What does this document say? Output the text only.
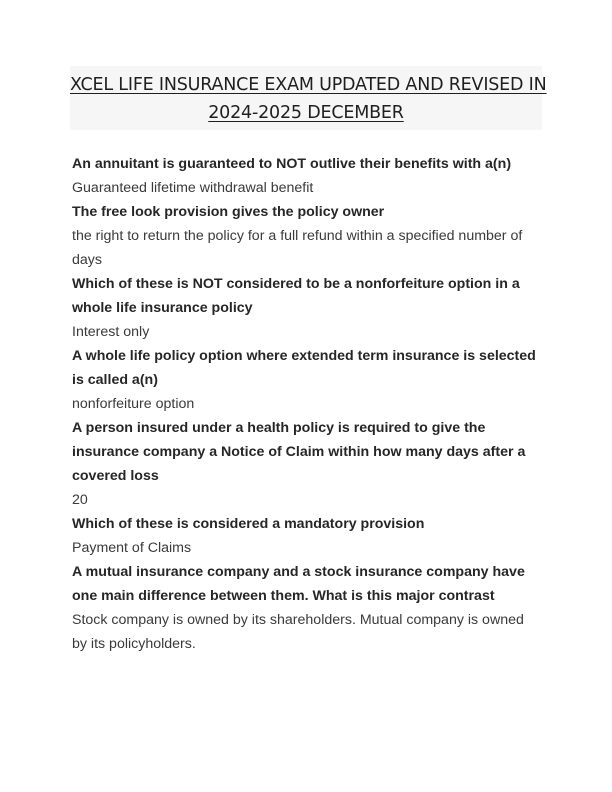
XCEL LIFE INSURANCE EXAM UPDATED AND REVISED IN
2024-2025 DECEMBER

An annuitant is guaranteed to NOT outlive their benefits with a(n)

Guaranteed lifetime withdrawal benefit

The free look provision gives the policy owner

the right to return the policy for a full refund within a specified number of days

Which of these is NOT considered to be a nonforfeiture option in a whole life insurance policy

Interest only

A whole life policy option where extended term insurance is selected is called a(n)

nonforfeiture option

A person insured under a health policy is required to give the insurance company a Notice of Claim within how many days after a covered loss

20

Which of these is considered a mandatory provision

Payment of Claims

A mutual insurance company and a stock insurance company have one main difference between them. What is this major contrast

Stock company is owned by its shareholders. Mutual company is owned by its policyholders.
